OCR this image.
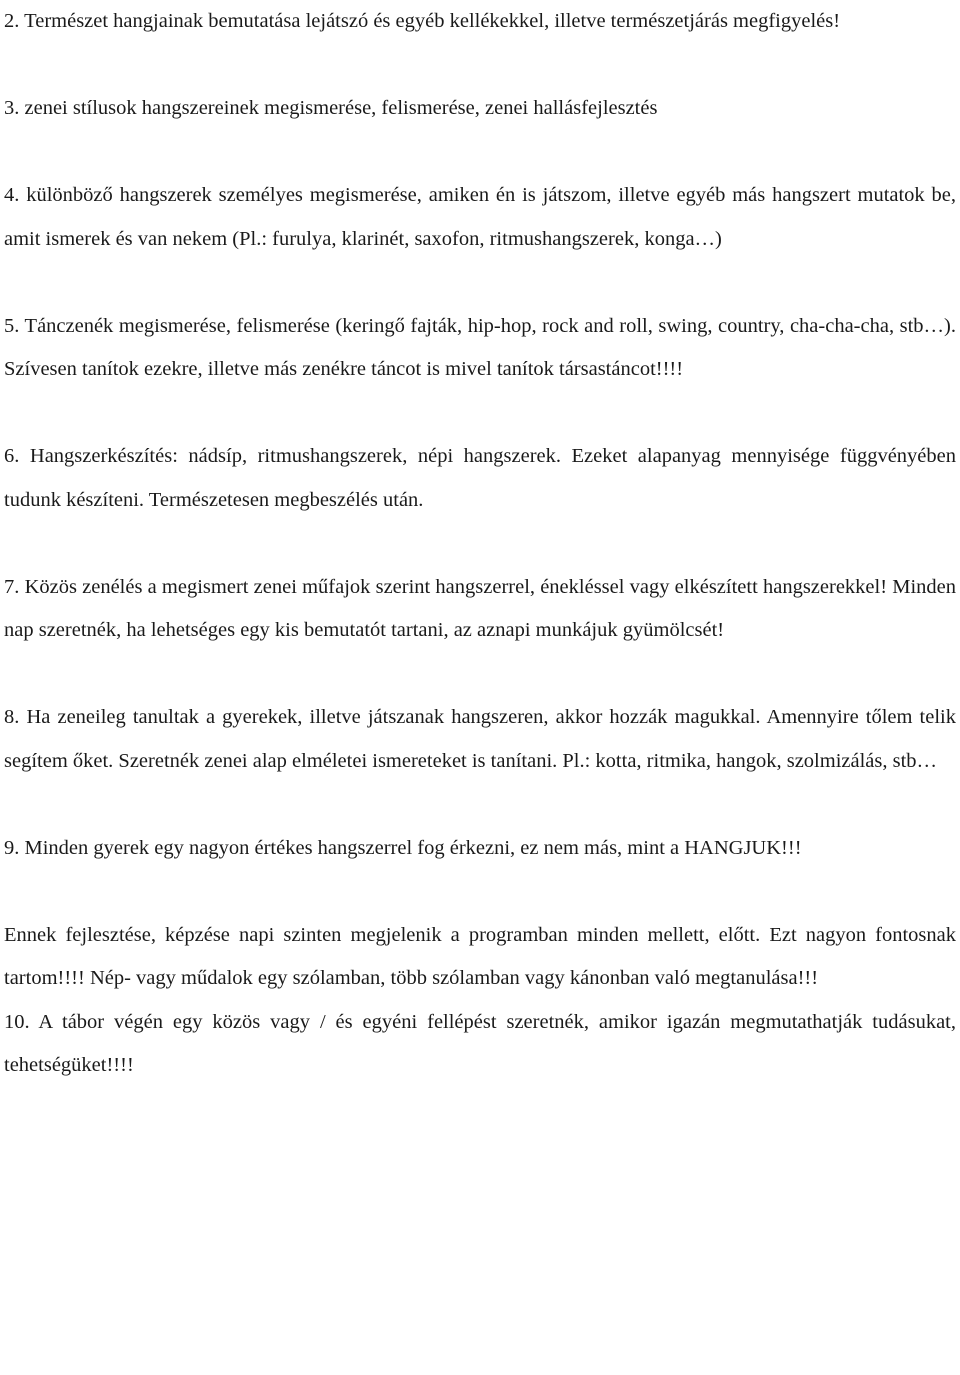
2. Természet hangjainak bemutatása lejátszó és egyéb kellékekkel, illetve természetjárás megfigyelés!

3. zenei stílusok hangszereinek megismerése, felismerése, zenei hallásfejlesztés

4. különböző hangszerek személyes megismerése, amiken én is játszom, illetve egyéb más hangszert mutatok be, amit ismerek és van nekem (Pl.: furulya, klarinét, saxofon, ritmushangszerek, konga…)

5. Tánczenék megismerése, felismerése (keringő fajták, hip-hop, rock and roll, swing, country, cha-cha-cha, stb…). Szívesen tanítok ezekre, illetve más zenékre táncot is mivel tanítok társastáncot!!!!

6. Hangszerkészítés: nádsíp, ritmushangszerek, népi hangszerek. Ezeket alapanyag mennyisége függvényében tudunk készíteni. Természetesen megbeszélés után.

7. Közös zenélés a megismert zenei műfajok szerint hangszerrel, énekléssel vagy elkészített hangszerekkel! Minden nap szeretnék, ha lehetséges egy kis bemutatót tartani, az aznapi munkájuk gyümölcsét!

8. Ha zeneileg tanultak a gyerekek, illetve játszanak hangszeren, akkor hozzák magukkal. Amennyire tőlem telik segítem őket. Szeretnék zenei alap elméletei ismereteket is tanítani. Pl.: kotta, ritmika, hangok, szolmizálás, stb…

9. Minden gyerek egy nagyon értékes hangszerrel fog érkezni, ez nem más, mint a HANGJUK!!!

Ennek fejlesztése, képzése napi szinten megjelenik a programban minden mellett, előtt. Ezt nagyon fontosnak tartom!!!! Nép- vagy műdalok egy szólamban, több szólamban vagy kánonban való megtanulása!!!

10. A tábor végén egy közös vagy / és egyéni fellépést szeretnék, amikor igazán megmutathatják tudásukat, tehetségüket!!!!
